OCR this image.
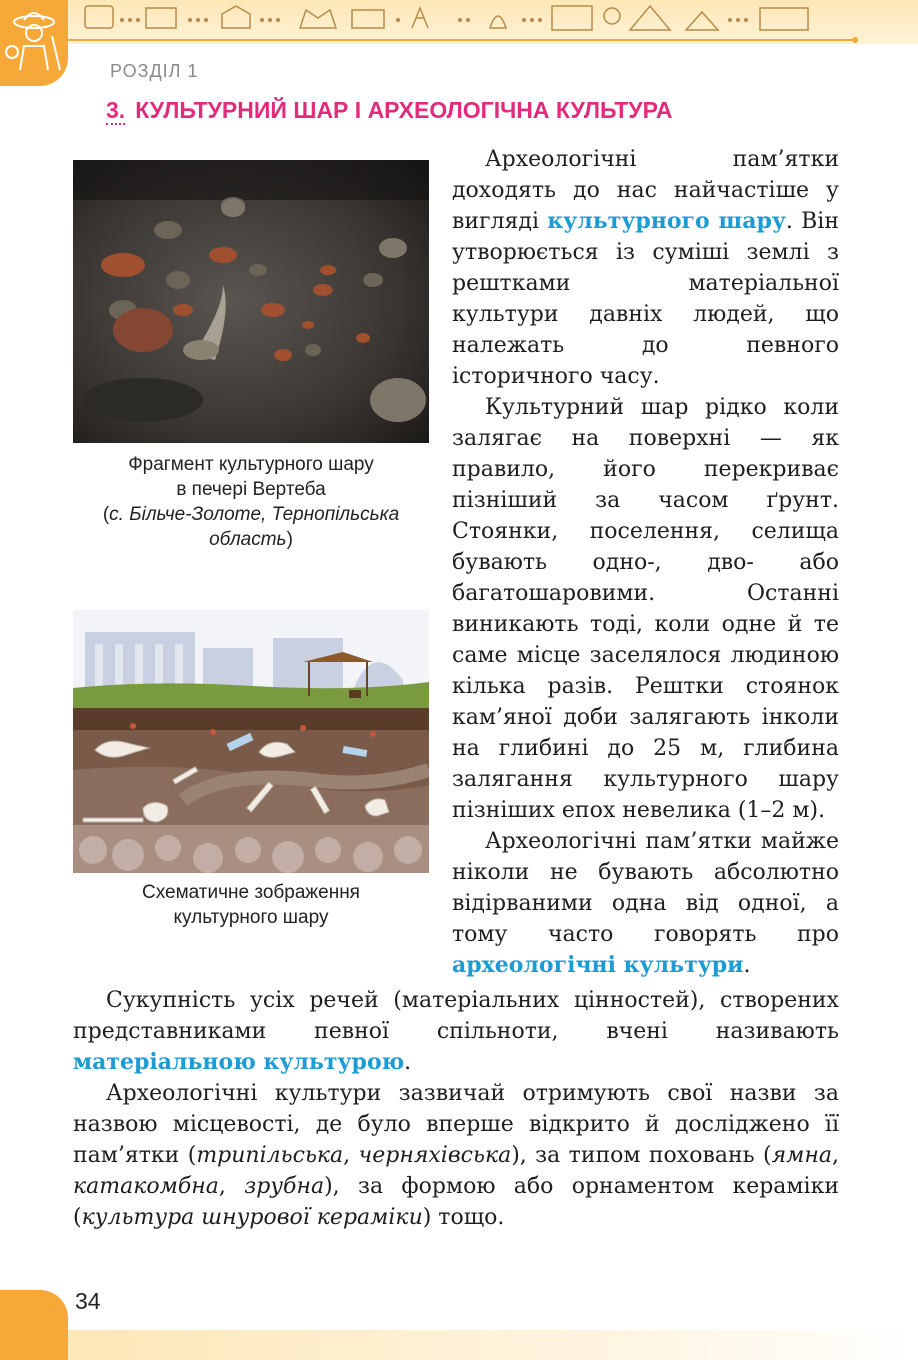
РОЗДІЛ 1
3. КУЛЬТУРНИЙ ШАР І АРХЕОЛОГІЧНА КУЛЬТУРА
Фрагмент культурного шару
в печері Вертеба
(с. Більче-Золоте, Тернопільська область)
Схематичне зображення
культурного шару

Археологічні пам’ятки доходять до нас найчастіше у вигляді культурного шару. Він утворюється із суміші землі з рештками матеріальної культури давніх людей, що належать до певного історичного часу.

Культурний шар рідко коли залягає на поверхні — як правило, його перекриває пізніший за часом ґрунт. Стоянки, поселення, селища бувають одно-, дво- або багатошаровими. Останні виникають тоді, коли одне й те саме місце заселялося людиною кілька разів. Рештки стоянок кам’яної доби залягають інколи на глибині до 25 м, глибина залягання культурного шару пізніших епох невелика (1–2 м).

Археологічні пам’ятки майже ніколи не бувають абсолютно відірваними одна від одної, а тому часто говорять про археологічні культури.

Сукупність усіх речей (матеріальних цінностей), створених представниками певної спільноти, вчені називають матеріальною культурою.

Археологічні культури зазвичай отримують свої назви за назвою місцевості, де було вперше відкрито й досліджено її пам’ятки (трипільська, черняхівська), за типом поховань (ямна, катакомбна, зрубна), за формою або орнаментом кераміки (культура шнурової кераміки) тощо.

34
